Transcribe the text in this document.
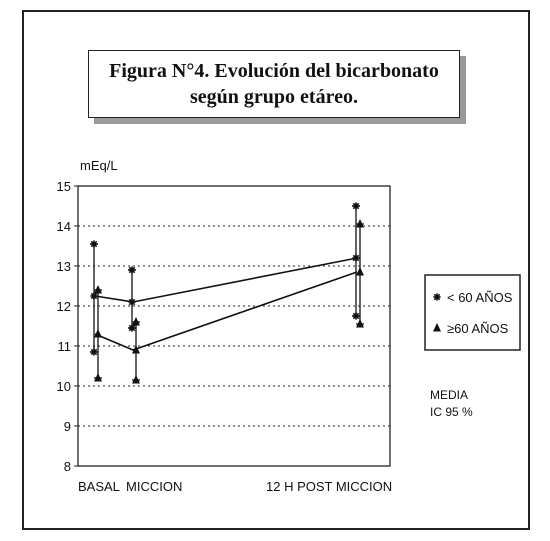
Figura N°4. Evolución del bicarbonato
según grupo etáreo.
15
14
13
12
11
10
9
8
mEq/L
BASAL MICCION	12 H POST MICCION
< 60 AÑOS
≥60 AÑOS
MEDIA
IC 95 %
